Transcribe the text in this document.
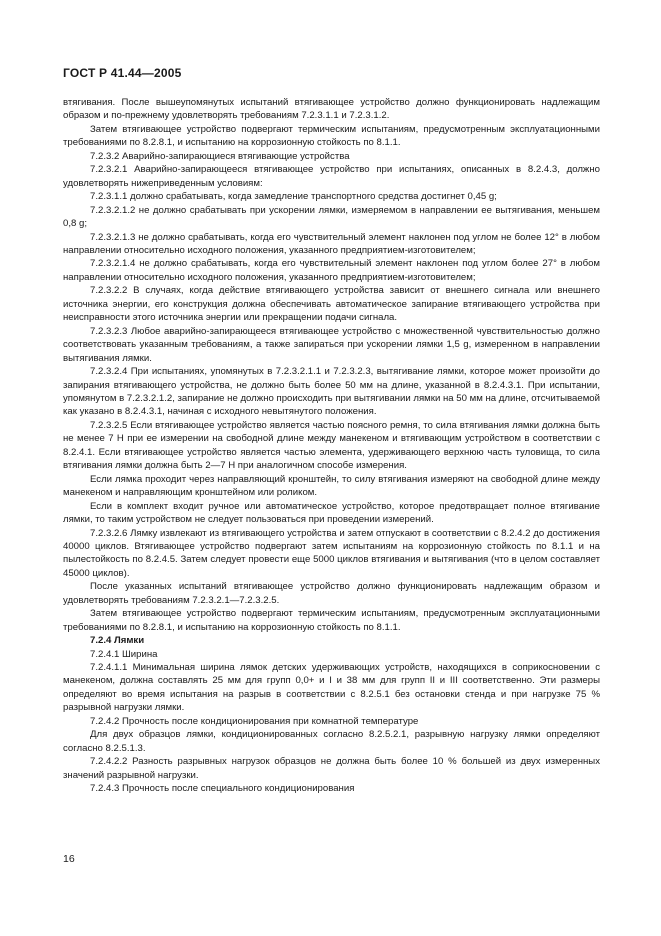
ГОСТ Р 41.44—2005

втягивания. После вышеупомянутых испытаний втягивающее устройство должно функционировать надлежащим образом и по-прежнему удовлетворять требованиям 7.2.3.1.1 и 7.2.3.1.2.

Затем втягивающее устройство подвергают термическим испытаниям, предусмотренным эксплуатационными требованиями по 8.2.8.1, и испытанию на коррозионную стойкость по 8.1.1.

7.2.3.2 Аварийно-запирающиеся втягивающие устройства

7.2.3.2.1 Аварийно-запирающееся втягивающее устройство при испытаниях, описанных в 8.2.4.3, должно удовлетворять нижеприведенным условиям:

7.2.3.1.1 должно срабатывать, когда замедление транспортного средства достигнет 0,45 g;

7.2.3.2.1.2 не должно срабатывать при ускорении лямки, измеряемом в направлении ее вытягивания, меньшем 0,8 g;

7.2.3.2.1.3 не должно срабатывать, когда его чувствительный элемент наклонен под углом не более 12° в любом направлении относительно исходного положения, указанного предприятием-изготовителем;

7.2.3.2.1.4 не должно срабатывать, когда его чувствительный элемент наклонен под углом более 27° в любом направлении относительно исходного положения, указанного предприятием-изготовителем;

7.2.3.2.2 В случаях, когда действие втягивающего устройства зависит от внешнего сигнала или внешнего источника энергии, его конструкция должна обеспечивать автоматическое запирание втягивающего устройства при неисправности этого источника энергии или прекращении подачи сигнала.

7.2.3.2.3 Любое аварийно-запирающееся втягивающее устройство с множественной чувствительностью должно соответствовать указанным требованиям, а также запираться при ускорении лямки 1,5 g, измеренном в направлении вытягивания лямки.

7.2.3.2.4 При испытаниях, упомянутых в 7.2.3.2.1.1 и 7.2.3.2.3, вытягивание лямки, которое может произойти до запирания втягивающего устройства, не должно быть более 50 мм на длине, указанной в 8.2.4.3.1. При испытании, упомянутом в 7.2.3.2.1.2, запирание не должно происходить при вытягивании лямки на 50 мм на длине, отсчитываемой как указано в 8.2.4.3.1, начиная с исходного невытянутого положения.

7.2.3.2.5 Если втягивающее устройство является частью поясного ремня, то сила втягивания лямки должна быть не менее 7 Н при ее измерении на свободной длине между манекеном и втягивающим устройством в соответствии с 8.2.4.1. Если втягивающее устройство является частью элемента, удерживающего верхнюю часть туловища, то сила втягивания лямки должна быть 2—7 Н при аналогичном способе измерения.

Если лямка проходит через направляющий кронштейн, то силу втягивания измеряют на свободной длине между манекеном и направляющим кронштейном или роликом.

Если в комплект входит ручное или автоматическое устройство, которое предотвращает полное втягивание лямки, то таким устройством не следует пользоваться при проведении измерений.

7.2.3.2.6 Лямку извлекают из втягивающего устройства и затем отпускают в соответствии с 8.2.4.2 до достижения 40000 циклов. Втягивающее устройство подвергают затем испытаниям на коррозионную стойкость по 8.1.1 и на пылестойкость по 8.2.4.5. Затем следует провести еще 5000 циклов втягивания и вытягивания (что в целом составляет 45000 циклов).

После указанных испытаний втягивающее устройство должно функционировать надлежащим образом и удовлетворять требованиям 7.2.3.2.1—7.2.3.2.5.

Затем втягивающее устройство подвергают термическим испытаниям, предусмотренным эксплуатационными требованиями по 8.2.8.1, и испытанию на коррозионную стойкость по 8.1.1.

7.2.4 Лямки

7.2.4.1 Ширина

7.2.4.1.1 Минимальная ширина лямок детских удерживающих устройств, находящихся в соприкосновении с манекеном, должна составлять 25 мм для групп 0,0+ и I и 38 мм для групп II и III соответственно. Эти размеры определяют во время испытания на разрыв в соответствии с 8.2.5.1 без остановки стенда и при нагрузке 75 % разрывной нагрузки лямки.

7.2.4.2 Прочность после кондиционирования при комнатной температуре

Для двух образцов лямки, кондиционированных согласно 8.2.5.2.1, разрывную нагрузку лямки определяют согласно 8.2.5.1.3.

7.2.4.2.2 Разность разрывных нагрузок образцов не должна быть более 10 % большей из двух измеренных значений разрывной нагрузки.

7.2.4.3 Прочность после специального кондиционирования

16
